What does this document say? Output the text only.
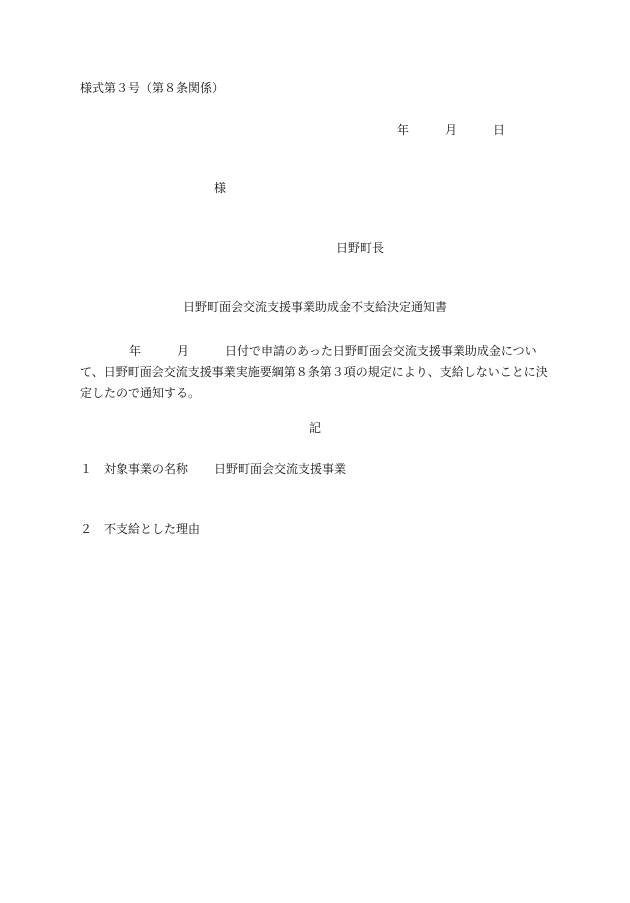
様式第３号（第８条関係）
年	月	日
様
日野町長
日野町面会交流支援事業助成金不支給決定通知書
年	月	日付で申請のあった日野町面会交流支援事業助成金につい
て、日野町面会交流支援事業実施要綱第８条第３項の規定により、支給しないことに決
定したので通知する。
記
１ 対象事業の名称 日野町面会交流支援事業
２ 不支給とした理由
